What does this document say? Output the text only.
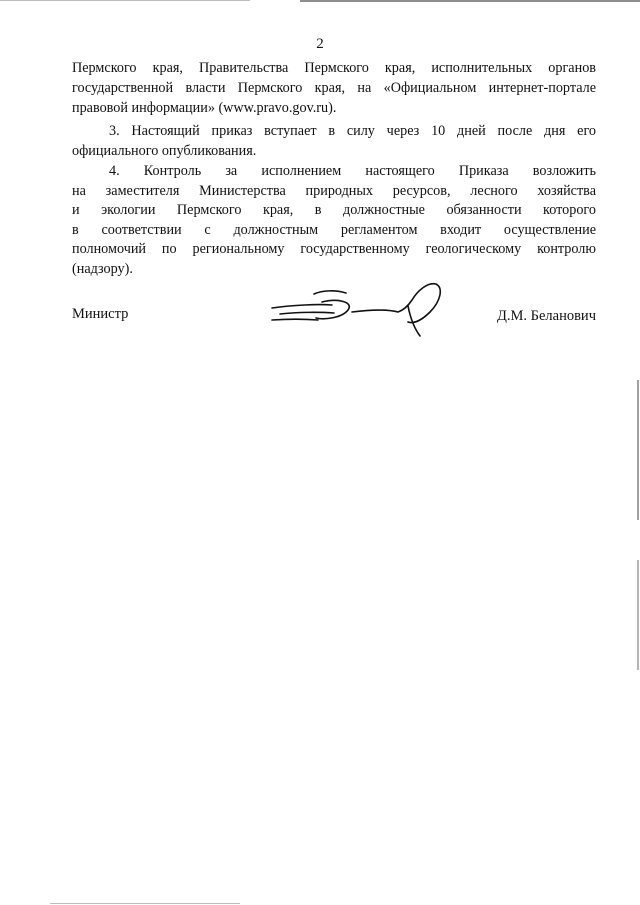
2
Пермского края, Правительства Пермского края, исполнительных органов
государственной власти Пермского края, на «Официальном интернет-портале
правовой информации» (www.pravo.gov.ru).
3. Настоящий приказ вступает в силу через 10 дней после дня его
официального опубликования.
4. Контроль за исполнением настоящего Приказа возложить
на заместителя Министерства природных ресурсов, лесного хозяйства
и экологии Пермского края, в должностные обязанности которого
в соответствии с должностным регламентом входит осуществление
полномочий по региональному государственному геологическому контролю
(надзору).
Министр	Д.М. Беланович
